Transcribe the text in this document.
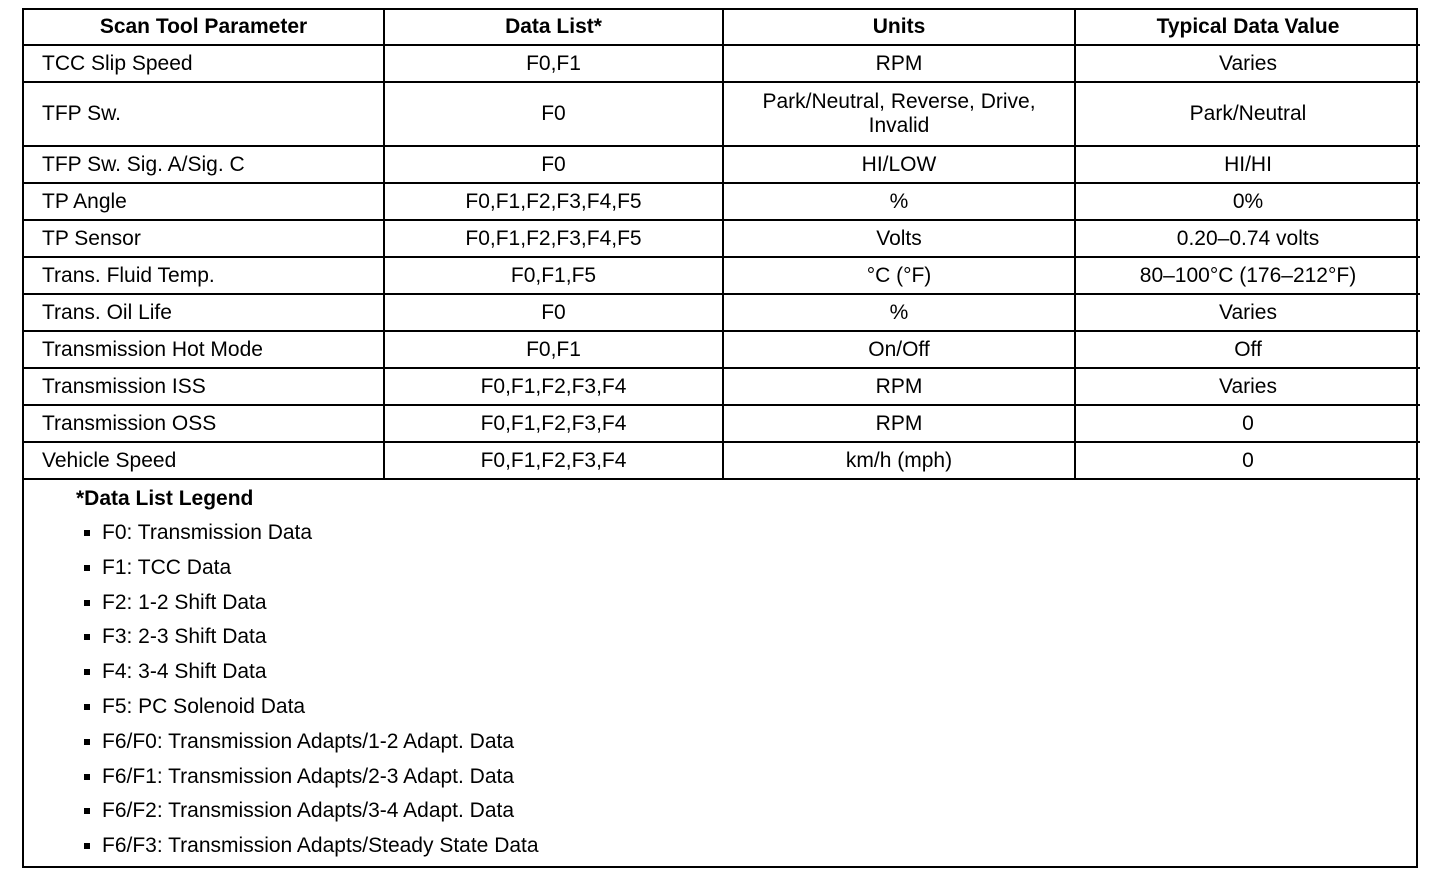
Scan Tool Parameter	Data List*	Units	Typical Data Value
TCC Slip Speed	F0,F1	RPM	Varies
TFP Sw.	F0	Park/Neutral, Reverse, Drive, Invalid	Park/Neutral
TFP Sw. Sig. A/Sig. C	F0	HI/LOW	HI/HI
TP Angle	F0,F1,F2,F3,F4,F5	%	0%
TP Sensor	F0,F1,F2,F3,F4,F5	Volts	0.20–0.74 volts
Trans. Fluid Temp.	F0,F1,F5	°C (°F)	80–100°C (176–212°F)
Trans. Oil Life	F0	%	Varies
Transmission Hot Mode	F0,F1	On/Off	Off
Transmission ISS	F0,F1,F2,F3,F4	RPM	Varies
Transmission OSS	F0,F1,F2,F3,F4	RPM	0
Vehicle Speed	F0,F1,F2,F3,F4	km/h (mph)	0
*Data List Legend
F0: Transmission Data
F1: TCC Data
F2: 1-2 Shift Data
F3: 2-3 Shift Data
F4: 3-4 Shift Data
F5: PC Solenoid Data
F6/F0: Transmission Adapts/1-2 Adapt. Data
F6/F1: Transmission Adapts/2-3 Adapt. Data
F6/F2: Transmission Adapts/3-4 Adapt. Data
F6/F3: Transmission Adapts/Steady State Data
